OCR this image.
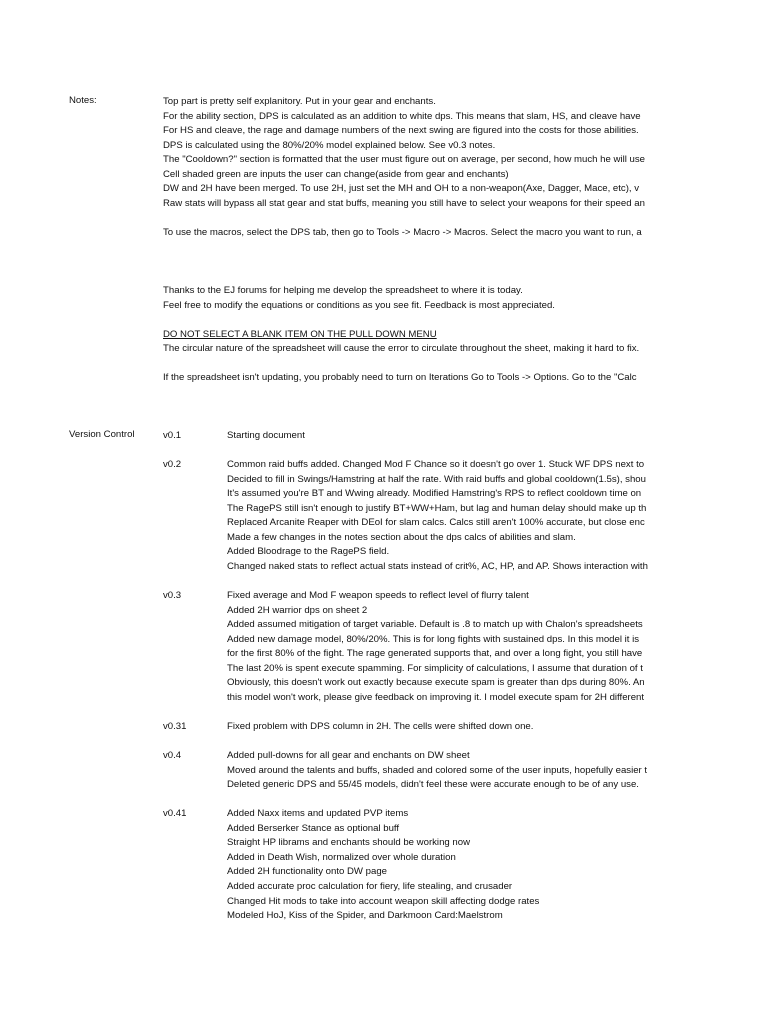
Notes:	Top part is pretty self explanitory. Put in your gear and enchants.
For the ability section, DPS is calculated as an addition to white dps. This means that slam, HS, and cleave have
For HS and cleave, the rage and damage numbers of the next swing are figured into the costs for those abilities.
DPS is calculated using the 80%/20% model explained below. See v0.3 notes.
The "Cooldown?" section is formatted that the user must figure out on average, per second, how much he will use
Cell shaded green are inputs the user can change(aside from gear and enchants)
DW and 2H have been merged. To use 2H, just set the MH and OH to a non-weapon(Axe, Dagger, Mace, etc), v
Raw stats will bypass all stat gear and stat buffs, meaning you still have to select your weapons for their speed an
To use the macros, select the DPS tab, then go to Tools -> Macro -> Macros. Select the macro you want to run, a
Thanks to the EJ forums for helping me develop the spreadsheet to where it is today.
Feel free to modify the equations or conditions as you see fit. Feedback is most appreciated.
DO NOT SELECT A BLANK ITEM ON THE PULL DOWN MENU
The circular nature of the spreadsheet will cause the error to circulate throughout the sheet, making it hard to fix.
If the spreadsheet isn't updating, you probably need to turn on Iterations Go to Tools -> Options. Go to the "Calc
Version Control	v0.1	Starting document
v0.2	Common raid buffs added. Changed Mod F Chance so it doesn't go over 1. Stuck WF DPS next to
Decided to fill in Swings/Hamstring at half the rate. With raid buffs and global cooldown(1.5s), shou
It's assumed you're BT and Wwing already. Modified Hamstring's RPS to reflect cooldown time on
The RagePS still isn't enough to justify BT+WW+Ham, but lag and human delay should make up th
Replaced Arcanite Reaper with DEoI for slam calcs. Calcs still aren't 100% accurate, but close enc
Made a few changes in the notes section about the dps calcs of abilities and slam.
Added Bloodrage to the RagePS field.
Changed naked stats to reflect actual stats instead of crit%, AC, HP, and AP. Shows interaction with
v0.3	Fixed average and Mod F weapon speeds to reflect level of flurry talent
Added 2H warrior dps on sheet 2
Added assumed mitigation of target variable. Default is .8 to match up with Chalon's spreadsheets
Added new damage model, 80%/20%. This is for long fights with sustained dps. In this model it is
for the first 80% of the fight. The rage generated supports that, and over a long fight, you still have
The last 20% is spent execute spamming. For simplicity of calculations, I assume that duration of t
Obviously, this doesn't work out exactly because execute spam is greater than dps during 80%. An
this model won't work, please give feedback on improving it. I model execute spam for 2H different
v0.31	Fixed problem with DPS column in 2H. The cells were shifted down one.
v0.4	Added pull-downs for all gear and enchants on DW sheet
Moved around the talents and buffs, shaded and colored some of the user inputs, hopefully easier t
Deleted generic DPS and 55/45 models, didn't feel these were accurate enough to be of any use.
v0.41	Added Naxx items and updated PVP items
Added Berserker Stance as optional buff
Straight HP librams and enchants should be working now
Added in Death Wish, normalized over whole duration
Added 2H functionality onto DW page
Added accurate proc calculation for fiery, life stealing, and crusader
Changed Hit mods to take into account weapon skill affecting dodge rates
Modeled HoJ, Kiss of the Spider, and Darkmoon Card:Maelstrom
